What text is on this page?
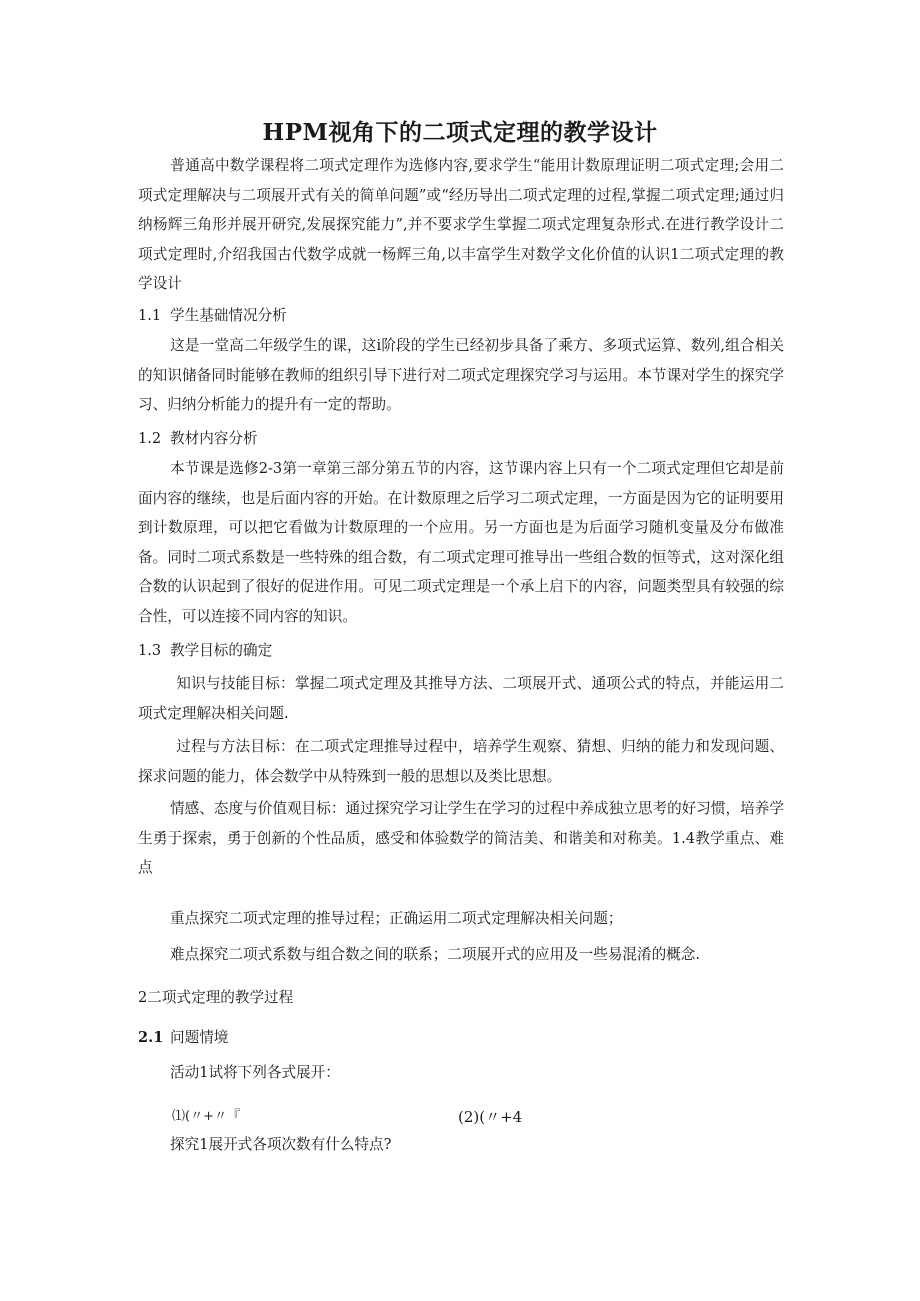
HPM视角下的二项式定理的教学设计

普通高中数学课程将二项式定理作为选修内容,要求学生“能用计数原理证明二项式定理;会用二项式定理解决与二项展开式有关的简单问题”或“经历导出二项式定理的过程,掌握二项式定理;通过归纳杨辉三角形并展开研究,发展探究能力”,并不要求学生掌握二项式定理复杂形式.在进行教学设计二项式定理时,介绍我国古代数学成就一杨辉三角,以丰富学生对数学文化价值的认识1二项式定理的教学设计

1.1 学生基础情况分析

这是一堂高二年级学生的课，这i阶段的学生已经初步具备了乘方、多项式运算、数列,组合相关的知识储备同时能够在教师的组织引导下进行对二项式定理探究学习与运用。本节课对学生的探究学习、归纳分析能力的提升有一定的帮助。

1.2 教材内容分析

本节课是选修2-3第一章第三部分第五节的内容，这节课内容上只有一个二项式定理但它却是前面内容的继续，也是后面内容的开始。在计数原理之后学习二项式定理，一方面是因为它的证明要用到计数原理，可以把它看做为计数原理的一个应用。另一方面也是为后面学习随机变量及分布做准备。同时二项式系数是一些特殊的组合数，有二项式定理可推导出一些组合数的恒等式，这对深化组合数的认识起到了很好的促进作用。可见二项式定理是一个承上启下的内容，问题类型具有较强的综合性，可以连接不同内容的知识。

1.3 教学目标的确定

知识与技能目标：掌握二项式定理及其推导方法、二项展开式、通项公式的特点，并能运用二项式定理解决相关问题.

过程与方法目标：在二项式定理推导过程中，培养学生观察、猜想、归纳的能力和发现问题、探求问题的能力，体会数学中从特殊到一般的思想以及类比思想。

情感、态度与价值观目标：通过探究学习让学生在学习的过程中养成独立思考的好习惯，培养学生勇于探索，勇于创新的个性品质，感受和体验数学的简洁美、和谐美和对称美。1.4教学重点、难点

重点探究二项式定理的推导过程；正确运用二项式定理解决相关问题；
难点探究二项式系数与组合数之间的联系；二项展开式的应用及一些易混淆的概念.
2二项式定理的教学过程
2.1 问题情境
活动1试将下列各式展开：
⑴(〃+〃『	(2)(〃+4
探究1展开式各项次数有什么特点?
